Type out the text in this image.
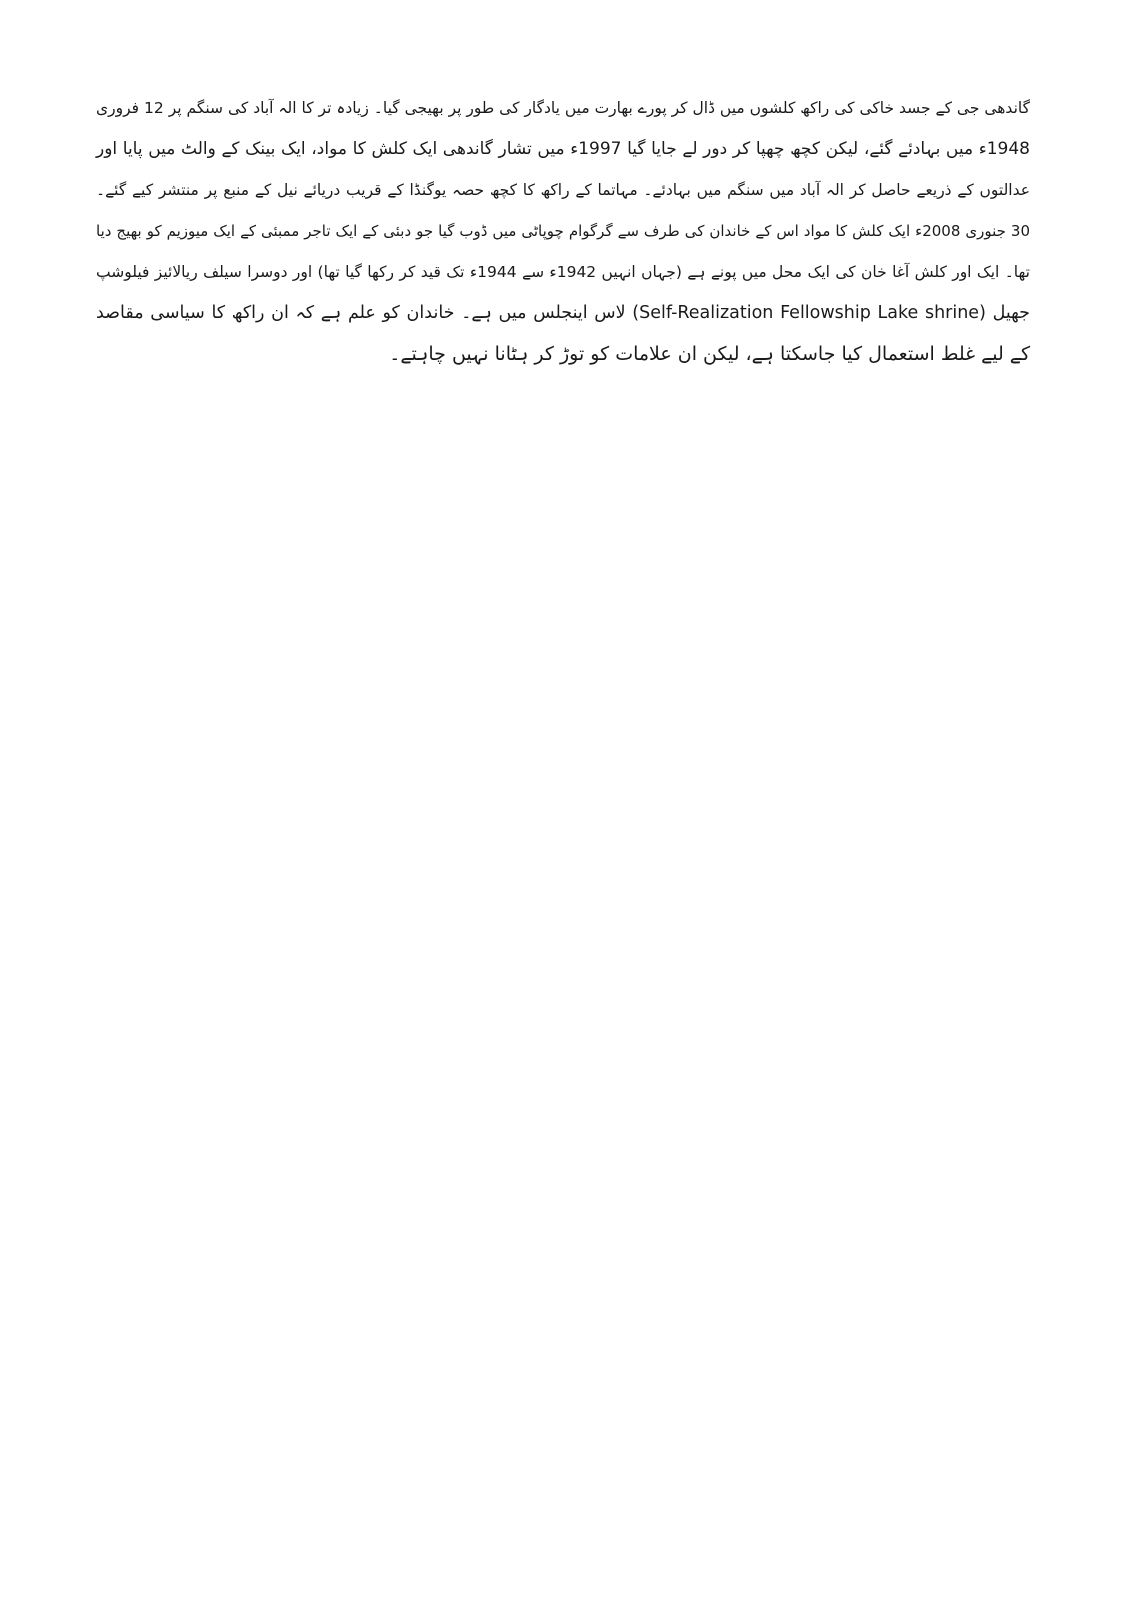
گاندھی جی کے جسد خاکی کی راکھ کلشوں میں ڈال کر پورے بھارت میں یادگار کی طور پر بھیجی گیا۔ زیادہ تر کا الہ آباد کی سنگم پر 12 فروری
1948ء میں بہادئے گئے، لیکن کچھ چھپا کر دور لے جایا گیا 1997ء میں تشار گاندھی ایک کلش کا مواد، ایک بینک کے والٹ میں پایا اور
عدالتوں کے ذریعے حاصل کر الہ آباد میں سنگم میں بہادئے۔ مہاتما کے راکھ کا کچھ حصہ یوگنڈا کے قریب دریائے نیل کے منبع پر منتشر کیے گئے۔
30 جنوری 2008ء ایک کلش کا مواد اس کے خاندان کی طرف سے گرگوام چوپاٹی میں ڈوب گیا جو دبئی کے ایک تاجر ممبئی کے ایک میوزیم کو بھیج دیا
تھا۔ ایک اور کلش آغا خان کی ایک محل میں پونے ہے (جہاں انہیں 1942ء سے 1944ء تک قید کر رکھا گیا تھا) اور دوسرا سیلف ریالائیز فیلوشپ
جھیل (Self-Realization Fellowship Lake shrine) لاس اینجلس میں ہے۔ خاندان کو علم ہے کہ ان راکھ کا سیاسی مقاصد
کے لیے غلط استعمال کیا جاسکتا ہے، لیکن ان علامات کو توڑ کر ہٹانا نہیں چاہتے۔
